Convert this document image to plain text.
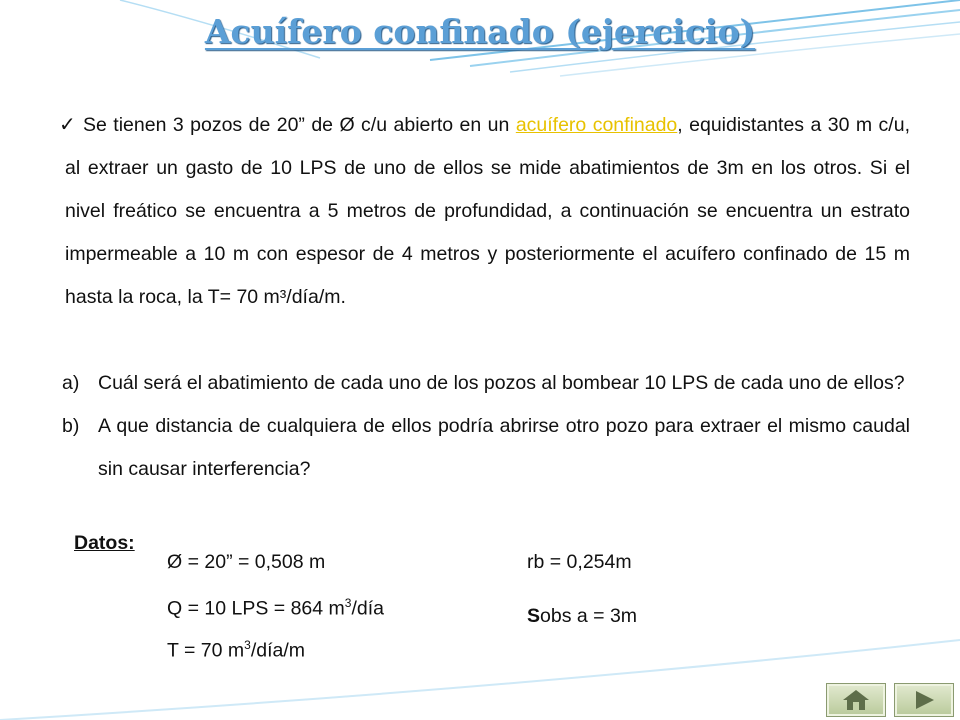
Acuífero confinado (ejercicio)
✓ Se tienen 3 pozos de 20” de Ø c/u abierto en un acuífero confinado, equidistantes a 30 m c/u, al extraer un gasto de 10 LPS de uno de ellos se mide abatimientos de 3m en los otros. Si el nivel freático se encuentra a 5 metros de profundidad, a continuación se encuentra un estrato impermeable a 10 m con espesor de 4 metros y posteriormente el acuífero confinado de 15 m hasta la roca, la T= 70 m³/día/m.
a) Cuál será el abatimiento de cada uno de los pozos al bombear 10 LPS de cada uno de ellos?
b) A que distancia de cualquiera de ellos podría abrirse otro pozo para extraer el mismo caudal sin causar interferencia?
Datos:
Ø = 20” = 0,508 m
Q = 10 LPS = 864 $m^3$/día
T = 70 $m^3/día/m$
rb = 0,254m
Sobs a = 3m
